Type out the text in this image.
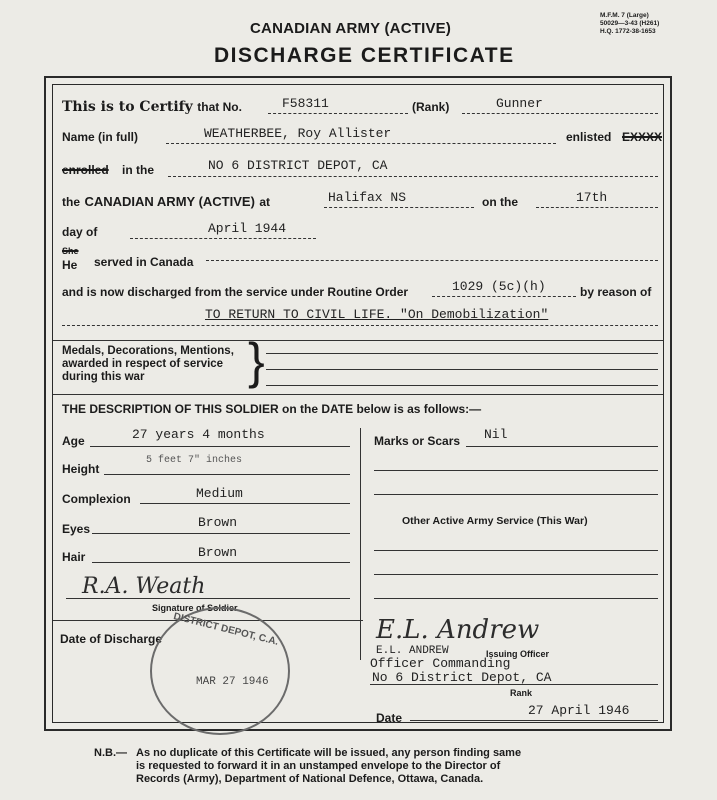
CANADIAN ARMY (ACTIVE)
DISCHARGE CERTIFICATE
M.F.M. 7 (Large)
50029—3-43 (H261)
H.Q. 1772-38-1653
This is to Certify that No.	F58311	(Rank)	Gunner
Name (in full)	WEATHERBEE, Roy Allister	enlisted EXXXX
enrolled in the	NO 6 DISTRICT DEPOT, CA
the CANADIAN ARMY (ACTIVE) at	Halifax NS	on the	17th
day of	April 1944
She
He served in Canada
and is now discharged from the service under Routine Order	1029 (5c)(h)	by reason of
TO RETURN TO CIVIL LIFE. "On Demobilization"
Medals, Decorations, Mentions,
awarded in respect of service
during this war	}
THE DESCRIPTION OF THIS SOLDIER on the DATE below is as follows:—
Age	27 years 4 months
Height
5 feet 7" inches
Complexion	Medium
Eyes	Brown
Hair	Brown
R.A. Weath
Signature of Soldier
Marks or Scars Nil
Other Active Army Service (This War)
Date of Discharge DISTRICT DEPOT, C.A.
MAR 27 1946
E.L. Andrew
E.L. ANDREW	Issuing Officer
Officer Commanding
No 6 District Depot, CA
Rank
Date	27 April 1946
N.B.— As no duplicate of this Certificate will be issued, any person finding same
is requested to forward it in an unstamped envelope to the Director of
Records (Army), Department of National Defence, Ottawa, Canada.
